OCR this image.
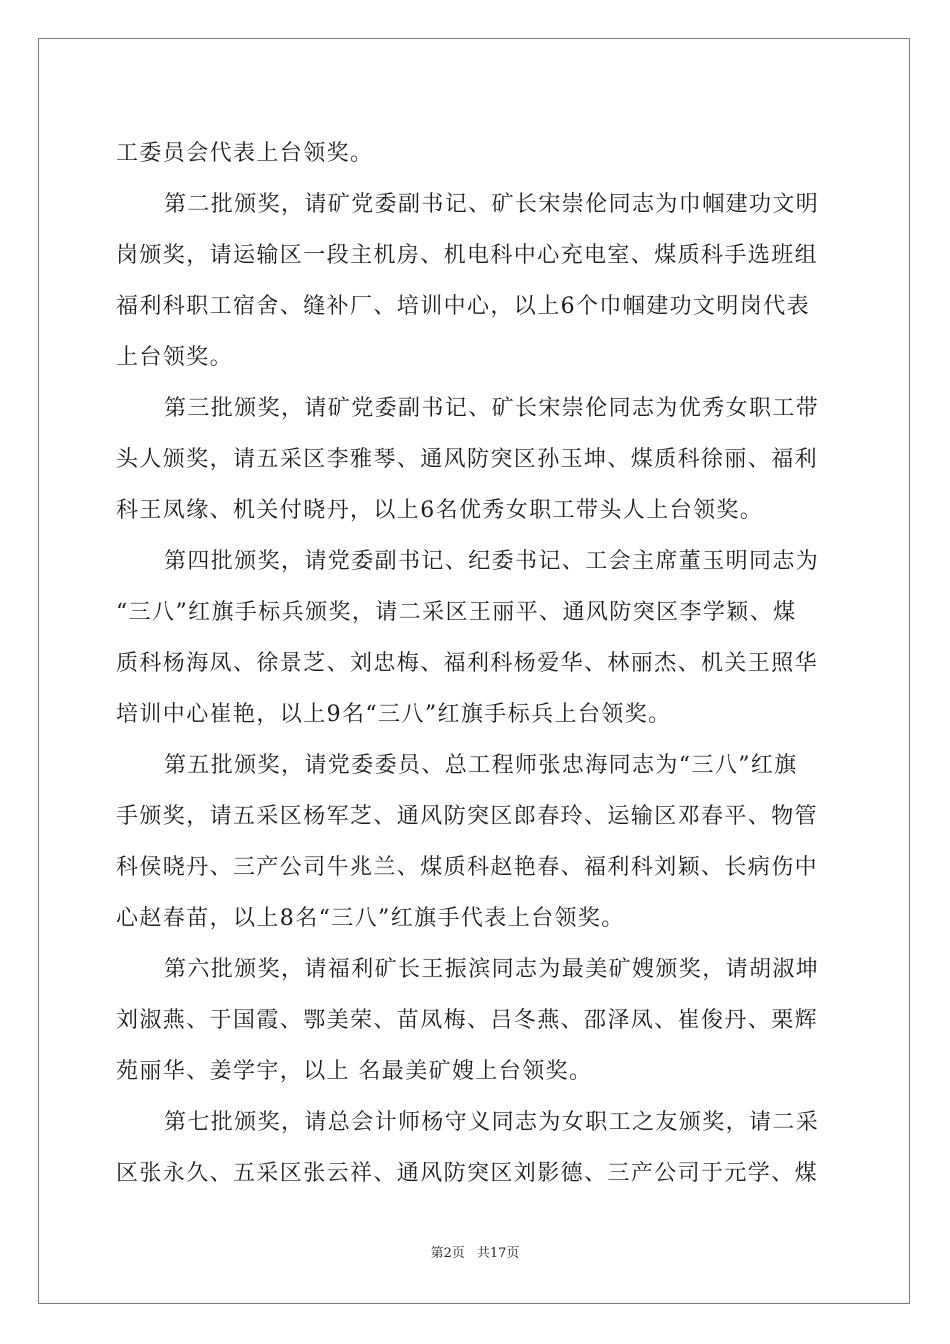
工委员会代表上台领奖。
第二批颁奖，请矿党委副书记、矿长宋崇伦同志为巾帼建功文明
岗颁奖，请运输区一段主机房、机电科中心充电室、煤质科手选班组
福利科职工宿舍、缝补厂、培训中心，以上6个巾帼建功文明岗代表
上台领奖。
第三批颁奖，请矿党委副书记、矿长宋崇伦同志为优秀女职工带
头人颁奖，请五采区李雅琴、通风防突区孙玉坤、煤质科徐丽、福利
科王凤缘、机关付晓丹，以上6名优秀女职工带头人上台领奖。
第四批颁奖，请党委副书记、纪委书记、工会主席董玉明同志为
“三八”红旗手标兵颁奖，请二采区王丽平、通风防突区李学颖、煤
质科杨海凤、徐景芝、刘忠梅、福利科杨爱华、林丽杰、机关王照华
培训中心崔艳，以上9名“三八”红旗手标兵上台领奖。
第五批颁奖，请党委委员、总工程师张忠海同志为“三八”红旗
手颁奖，请五采区杨军芝、通风防突区郎春玲、运输区邓春平、物管
科侯晓丹、三产公司牛兆兰、煤质科赵艳春、福利科刘颖、长病伤中
心赵春苗，以上8名“三八”红旗手代表上台领奖。
第六批颁奖，请福利矿长王振滨同志为最美矿嫂颁奖，请胡淑坤
刘淑燕、于国霞、鄂美荣、苗凤梅、吕冬燕、邵泽凤、崔俊丹、栗辉
苑丽华、姜学宇，以上 名最美矿嫂上台领奖。
第七批颁奖，请总会计师杨守义同志为女职工之友颁奖，请二采
区张永久、五采区张云祥、通风防突区刘影德、三产公司于元学、煤
第2页 共17页
